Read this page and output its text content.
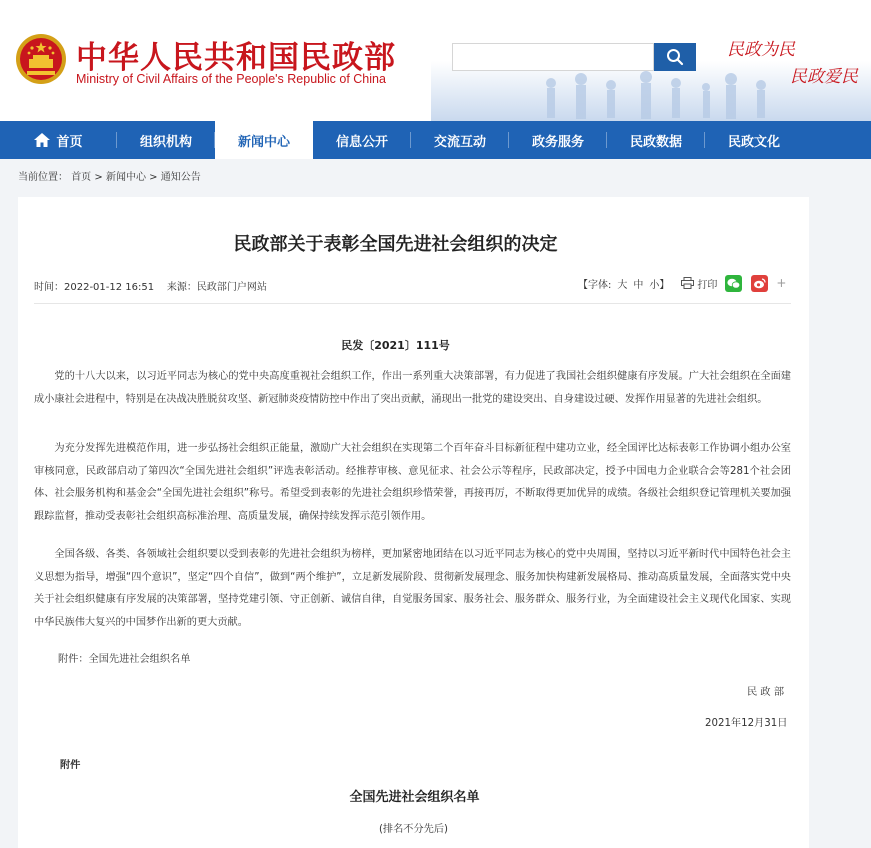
中华人民共和国民政部
Ministry of Civil Affairs of the People's Republic of China
民政为民
民政爱民
首页	组织机构	新闻中心	信息公开	交流互动	政务服务	民政数据	民政文化
当前位置： 首页 > 新闻中心 > 通知公告
民政部关于表彰全国先进社会组织的决定
时间：2022-01-12 16:51 来源：民政部门户网站	【字体: 大 中 小】	打印	+
民发〔2021〕111号

党的十八大以来，以习近平同志为核心的党中央高度重视社会组织工作，作出一系列重大决策部署，有力促进了我国社会组织健康有序发展。广大社会组织在全面建成小康社会进程中，特别是在决战决胜脱贫攻坚、新冠肺炎疫情防控中作出了突出贡献，涌现出一批党的建设突出、自身建设过硬、发挥作用显著的先进社会组织。

为充分发挥先进模范作用，进一步弘扬社会组织正能量，激励广大社会组织在实现第二个百年奋斗目标新征程中建功立业，经全国评比达标表彰工作协调小组办公室审核同意，民政部启动了第四次“全国先进社会组织”评选表彰活动。经推荐审核、意见征求、社会公示等程序，民政部决定，授予中国电力企业联合会等281个社会团体、社会服务机构和基金会“全国先进社会组织”称号。希望受到表彰的先进社会组织珍惜荣誉，再接再厉，不断取得更加优异的成绩。各级社会组织登记管理机关要加强跟踪监督，推动受表彰社会组织高标准治理、高质量发展，确保持续发挥示范引领作用。

全国各级、各类、各领域社会组织要以受到表彰的先进社会组织为榜样，更加紧密地团结在以习近平同志为核心的党中央周围，坚持以习近平新时代中国特色社会主义思想为指导，增强“四个意识”，坚定“四个自信”，做到“两个维护”，立足新发展阶段、贯彻新发展理念、服务加快构建新发展格局、推动高质量发展，全面落实党中央关于社会组织健康有序发展的决策部署，坚持党建引领、守正创新、诚信自律，自觉服务国家、服务社会、服务群众、服务行业，为全面建设社会主义现代化国家、实现中华民族伟大复兴的中国梦作出新的更大贡献。

附件：全国先进社会组织名单
民 政 部
2021年12月31日
附件
全国先进社会组织名单
(排名不分先后)
